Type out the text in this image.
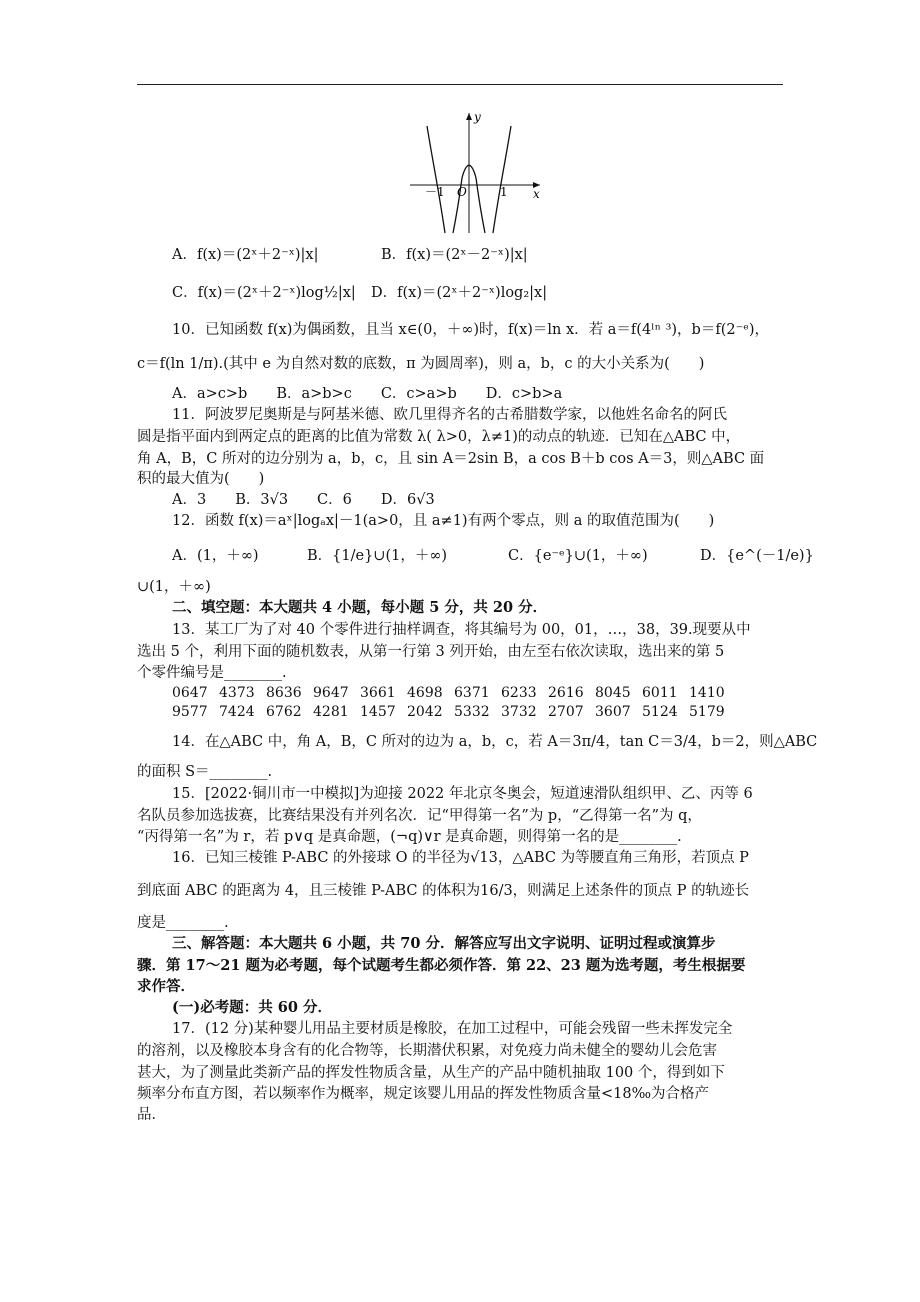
y
x
O
－1	1
A．f(x)＝(2ˣ＋2⁻ˣ)|x|	B．f(x)＝(2ˣ－2⁻ˣ)|x|
C．f(x)＝(2ˣ＋2⁻ˣ)log½|x| D．f(x)＝(2ˣ＋2⁻ˣ)log₂|x|
10．已知函数 f(x)为偶函数，且当 x∈(0，＋∞)时，f(x)＝ln x．若 a＝f(4ˡⁿ ³)，b＝f(2⁻ᵉ)，
c＝f(ln 1/π).(其中 e 为自然对数的底数，π 为圆周率)，则 a，b，c 的大小关系为(　　)
A．a>c>b　　B．a>b>c　　C．c>a>b　　D．c>b>a
11．阿波罗尼奥斯是与阿基米德、欧几里得齐名的古希腊数学家，以他姓名命名的阿氏
圆是指平面内到两定点的距离的比值为常数 λ( λ>0，λ≠1)的动点的轨迹．已知在△ABC 中，
角 A，B，C 所对的边分别为 a，b，c，且 sin A＝2sin B，a cos B＋b cos A＝3，则△ABC 面
积的最大值为(　　)
A．3　　B．3√3　　C．6　　D．6√3
12．函数 f(x)＝aˣ|logₐx|－1(a>0，且 a≠1)有两个零点，则 a 的取值范围为(　　)
A．(1，＋∞)	B．{1/e}∪(1，＋∞)	C．{e⁻ᵉ}∪(1，＋∞)	D．{e^(－1/e)}
∪(1，＋∞)
二、填空题：本大题共 4 小题，每小题 5 分，共 20 分．
13．某工厂为了对 40 个零件进行抽样调查，将其编号为 00，01，…，38，39.现要从中
选出 5 个，利用下面的随机数表，从第一行第 3 列开始，由左至右依次读取，选出来的第 5
个零件编号是________.
0647 4373 8636 9647 3661 4698 6371 6233 2616 8045 6011 1410
9577 7424 6762 4281 1457 2042 5332 3732 2707 3607 5124 5179
14．在△ABC 中，角 A，B，C 所对的边为 a，b，c，若 A＝3π/4，tan C＝3/4，b＝2，则△ABC
的面积 S＝________.
15．[2022·铜川市一中模拟]为迎接 2022 年北京冬奥会，短道速滑队组织甲、乙、丙等 6
名队员参加选拔赛，比赛结果没有并列名次．记“甲得第一名”为 p，“乙得第一名”为 q，
“丙得第一名”为 r，若 p∨q 是真命题，(¬q)∨r 是真命题，则得第一名的是________.
16．已知三棱锥 P-ABC 的外接球 O 的半径为√13，△ABC 为等腰直角三角形，若顶点 P
到底面 ABC 的距离为 4，且三棱锥 P-ABC 的体积为16/3，则满足上述条件的顶点 P 的轨迹长
度是________.
三、解答题：本大题共 6 小题，共 70 分．解答应写出文字说明、证明过程或演算步
骤．第 17～21 题为必考题，每个试题考生都必须作答．第 22、23 题为选考题，考生根据要
求作答．
(一)必考题：共 60 分．
17．(12 分)某种婴儿用品主要材质是橡胶，在加工过程中，可能会残留一些未挥发完全
的溶剂，以及橡胶本身含有的化合物等，长期潜伏积累，对免疫力尚未健全的婴幼儿会危害
甚大，为了测量此类新产品的挥发性物质含量，从生产的产品中随机抽取 100 个，得到如下
频率分布直方图，若以频率作为概率，规定该婴儿用品的挥发性物质含量<18‰为合格产
品．
